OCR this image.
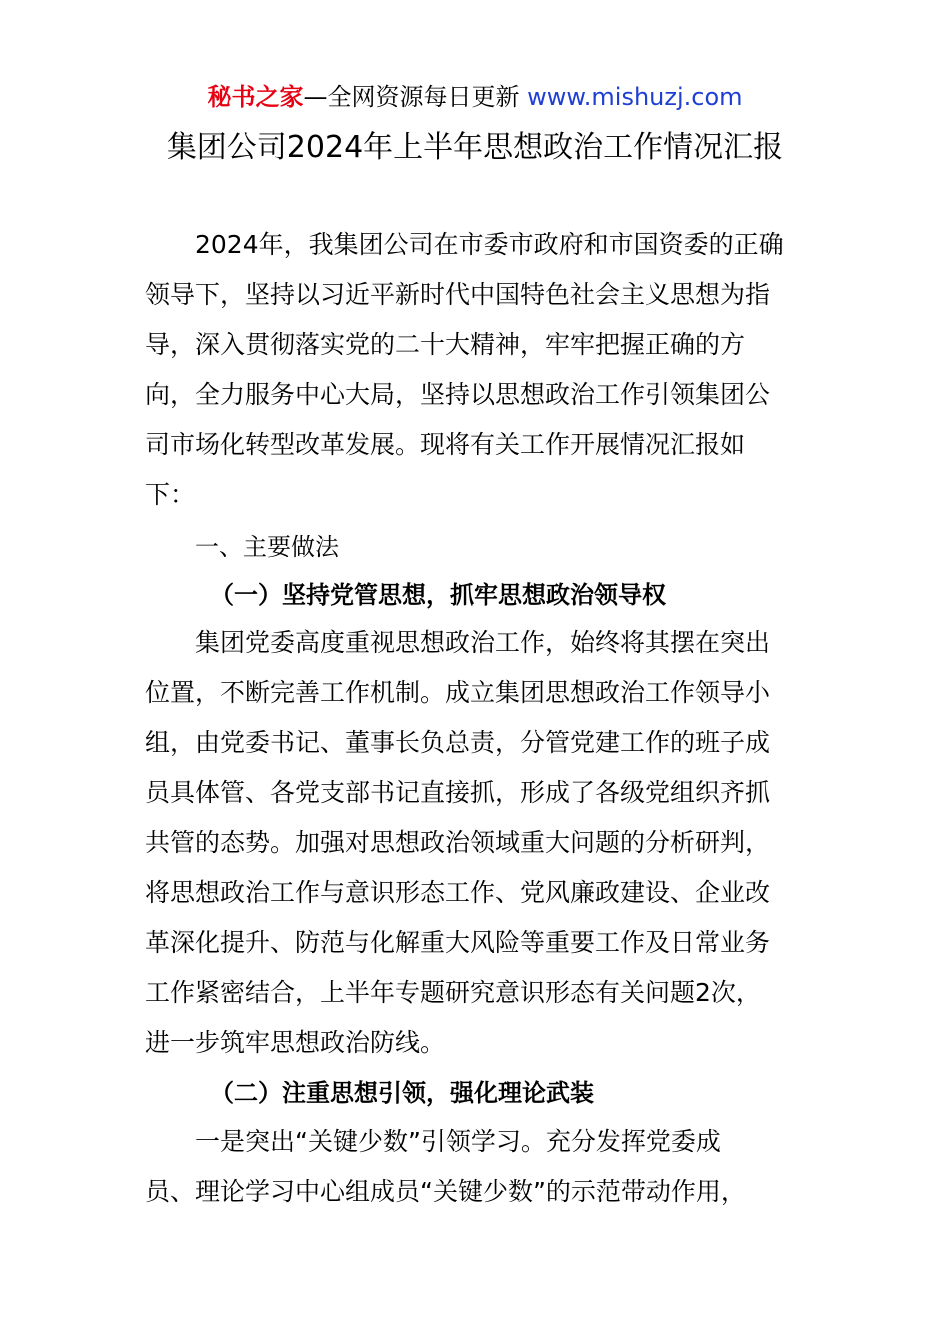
秘书之家—全网资源每日更新 www.mishuzj.com
集团公司2024年上半年思想政治工作情况汇报
2024年，我集团公司在市委市政府和市国资委的正确
领导下，坚持以习近平新时代中国特色社会主义思想为指
导，深入贯彻落实党的二十大精神，牢牢把握正确的方
向，全力服务中心大局，坚持以思想政治工作引领集团公
司市场化转型改革发展。现将有关工作开展情况汇报如
下：
一、主要做法
（一）坚持党管思想，抓牢思想政治领导权
集团党委高度重视思想政治工作，始终将其摆在突出
位置，不断完善工作机制。成立集团思想政治工作领导小
组，由党委书记、董事长负总责，分管党建工作的班子成
员具体管、各党支部书记直接抓，形成了各级党组织齐抓
共管的态势。加强对思想政治领域重大问题的分析研判，
将思想政治工作与意识形态工作、党风廉政建设、企业改
革深化提升、防范与化解重大风险等重要工作及日常业务
工作紧密结合，上半年专题研究意识形态有关问题2次，
进一步筑牢思想政治防线。
（二）注重思想引领，强化理论武装
一是突出“关键少数”引领学习。充分发挥党委成
员、理论学习中心组成员“关键少数”的示范带动作用，
